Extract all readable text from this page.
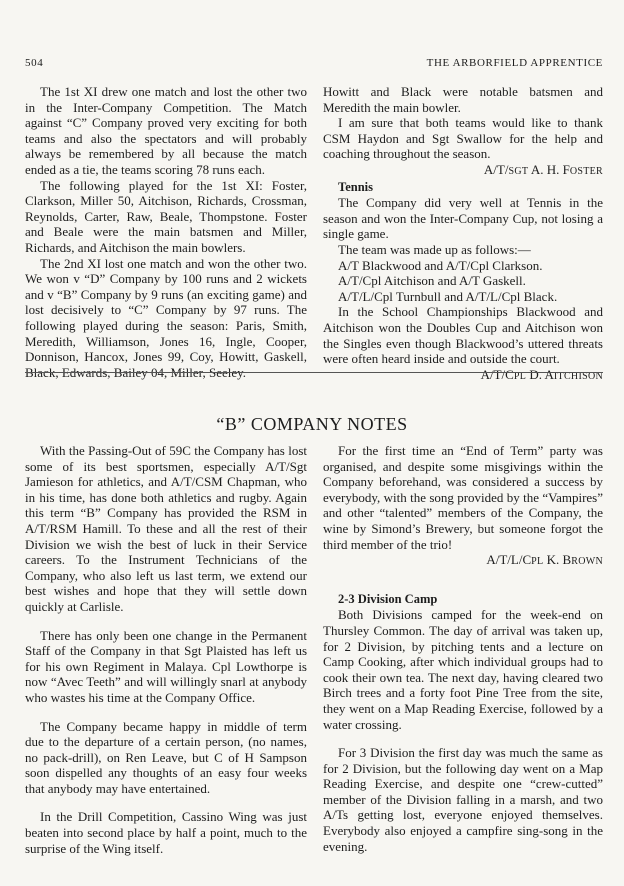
504	THE ARBORFIELD APPRENTICE

The 1st XI drew one match and lost the other two in the Inter-Company Competition. The Match against “C” Company proved very exciting for both teams and also the spectators and will probably always be remembered by all because the match ended as a tie, the teams scoring 78 runs each.

The following played for the 1st XI: Foster, Clarkson, Miller 50, Aitchison, Richards, Crossman, Reynolds, Carter, Raw, Beale, Thompstone. Foster and Beale were the main batsmen and Miller, Richards, and Aitchison the main bowlers.

The 2nd XI lost one match and won the other two. We won v “D” Company by 100 runs and 2 wickets and v “B” Company by 9 runs (an exciting game) and lost decisively to “C” Company by 97 runs. The following played during the season: Paris, Smith, Meredith, Williamson, Jones 16, Ingle, Cooper, Donnison, Hancox, Jones 99, Coy, Howitt, Gaskell, Black, Edwards, Bailey 04, Miller, Seeley.

Howitt and Black were notable batsmen and Meredith the main bowler.

I am sure that both teams would like to thank CSM Haydon and Sgt Swallow for the help and coaching throughout the season.

A/T/SGT A. H. FOSTER

Tennis

The Company did very well at Tennis in the season and won the Inter-Company Cup, not losing a single game.

The team was made up as follows:—

A/T Blackwood and A/T/Cpl Clarkson.

A/T/Cpl Aitchison and A/T Gaskell.

A/T/L/Cpl Turnbull and A/T/L/Cpl Black.

In the School Championships Blackwood and Aitchison won the Doubles Cup and Aitchison won the Singles even though Blackwood’s uttered threats were often heard inside and outside the court.

A/T/CPL D. AITCHISON

“B” COMPANY NOTES

With the Passing-Out of 59C the Company has lost some of its best sportsmen, especially A/T/Sgt Jamieson for athletics, and A/T/CSM Chapman, who in his time, has done both athletics and rugby. Again this term “B” Company has provided the RSM in A/T/RSM Hamill. To these and all the rest of their Division we wish the best of luck in their Service careers. To the Instrument Technicians of the Company, who also left us last term, we extend our best wishes and hope that they will settle down quickly at Carlisle.

There has only been one change in the Permanent Staff of the Company in that Sgt Plaisted has left us for his own Regiment in Malaya. Cpl Lowthorpe is now “Avec Teeth” and will willingly snarl at anybody who wastes his time at the Company Office.

The Company became happy in middle of term due to the departure of a certain person, (no names, no pack-drill), on Ren Leave, but C of H Sampson soon dispelled any thoughts of an easy four weeks that anybody may have entertained.

In the Drill Competition, Cassino Wing was just beaten into second place by half a point, much to the surprise of the Wing itself.

For the first time an “End of Term” party was organised, and despite some misgivings within the Company beforehand, was considered a success by everybody, with the song provided by the “Vampires” and other “talented” members of the Company, the wine by Simond’s Brewery, but someone forgot the third member of the trio!

A/T/L/CPL K. BROWN

2-3 Division Camp

Both Divisions camped for the week-end on Thursley Common. The day of arrival was taken up, for 2 Division, by pitching tents and a lecture on Camp Cooking, after which individual groups had to cook their own tea. The next day, having cleared two Birch trees and a forty foot Pine Tree from the site, they went on a Map Reading Exercise, followed by a water crossing.

For 3 Division the first day was much the same as for 2 Division, but the following day went on a Map Reading Exercise, and despite one “crew-cutted” member of the Division falling in a marsh, and two A/Ts getting lost, everyone enjoyed themselves. Everybody also enjoyed a campfire sing-song in the evening.
